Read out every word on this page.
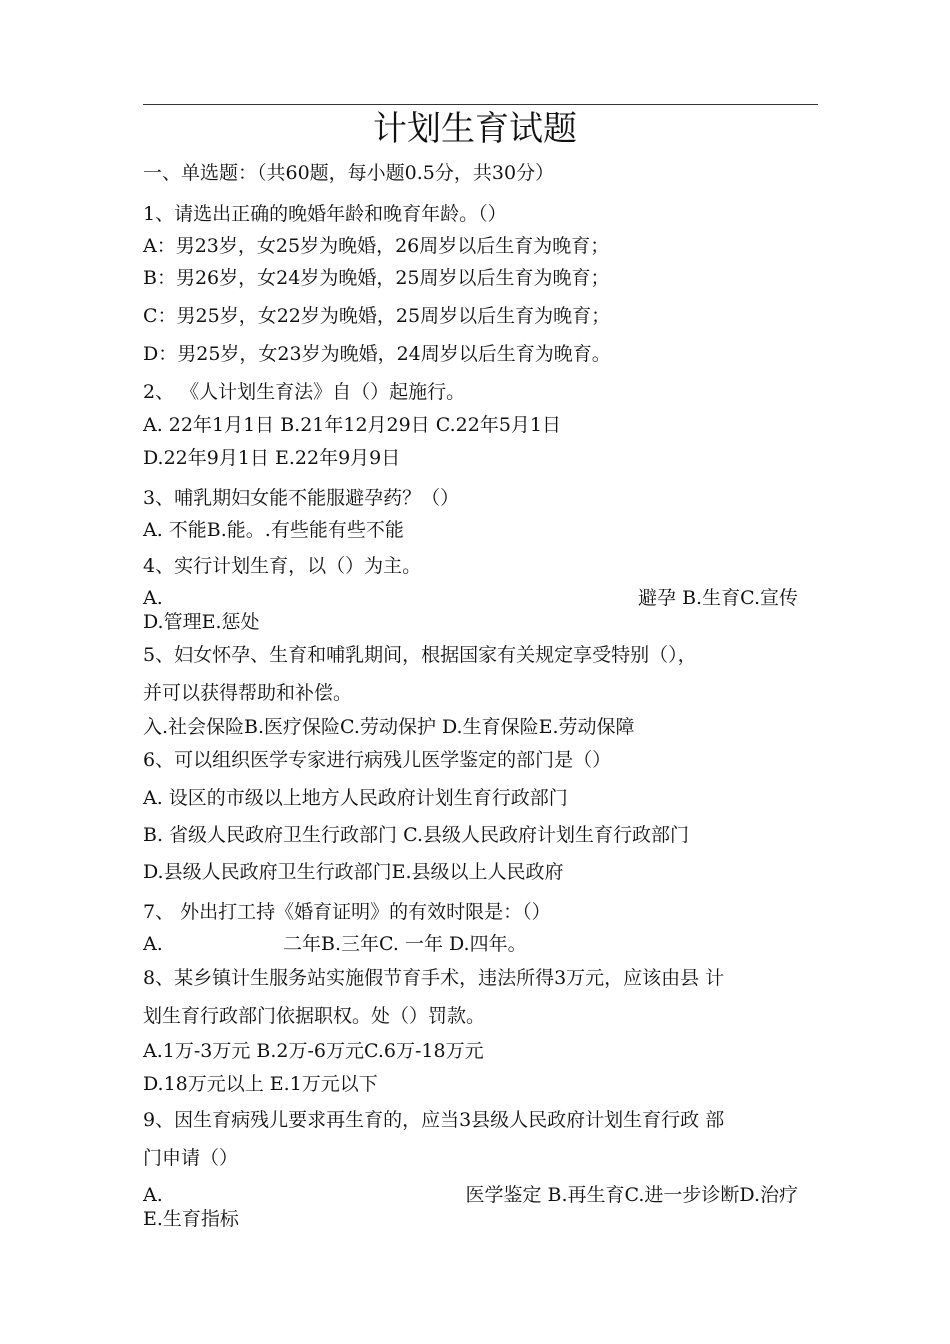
计划生育试题
一、单选题：（共60题，每小题0.5分，共30分）
1、请选出正确的晚婚年龄和晚育年龄。（）
A：男23岁，女25岁为晚婚，26周岁以后生育为晚育；
B：男26岁，女24岁为晚婚，25周岁以后生育为晚育；
C：男25岁，女22岁为晚婚，25周岁以后生育为晚育；
D：男25岁，女23岁为晚婚，24周岁以后生育为晚育。
2、 《人计划生育法》自（）起施行。
A. 22年1月1日 B.21年12月29日 C.22年5月1日
D.22年9月1日 E.22年9月9日
3、哺乳期妇女能不能服避孕药？（）
A. 不能B.能。.有些能有些不能
4、实行计划生育，以（）为主。
A.	避孕 B.生育C.宣传
D.管理E.惩处
5、妇女怀孕、生育和哺乳期间，根据国家有关规定享受特别（），
并可以获得帮助和补偿。
入.社会保险B.医疗保险C.劳动保护 D.生育保险E.劳动保障
6、可以组织医学专家进行病残儿医学鉴定的部门是（）
A. 设区的市级以上地方人民政府计划生育行政部门
B. 省级人民政府卫生行政部门 C.县级人民政府计划生育行政部门
D.县级人民政府卫生行政部门E.县级以上人民政府
7、 外出打工持《婚育证明》的有效时限是：（）
A.	二年B.三年C. 一年 D.四年。
8、某乡镇计生服务站实施假节育手术，违法所得3万元，应该由县 计
划生育行政部门依据职权。处（）罚款。
A.1万-3万元 B.2万-6万元C.6万-18万元
D.18万元以上 E.1万元以下
9、因生育病残儿要求再生育的，应当3县级人民政府计划生育行政 部
门申请（）
A.	医学鉴定 B.再生育C.进一步诊断D.治疗
E.生育指标
